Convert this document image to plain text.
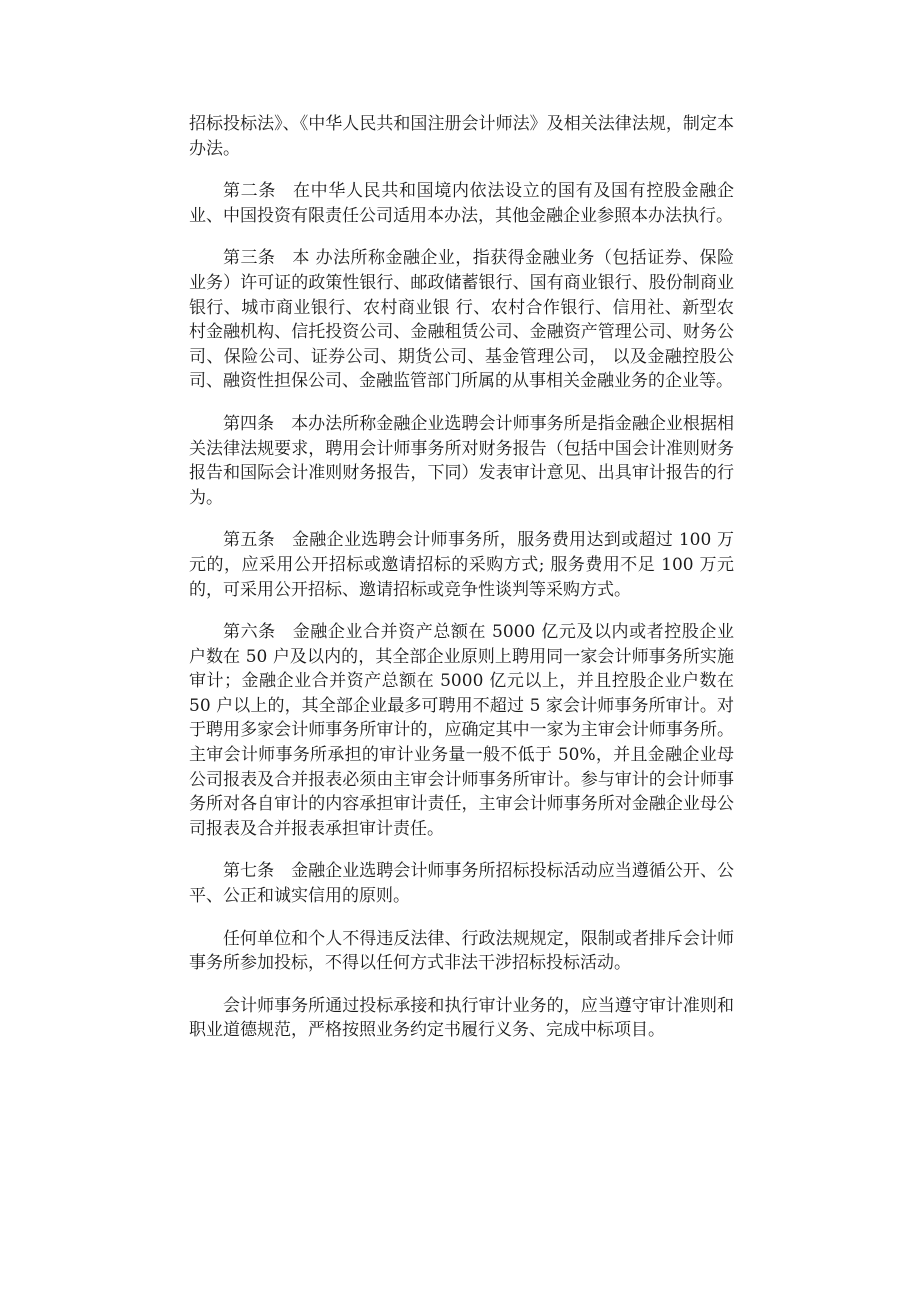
招标投标法》、《中华人民共和国注册会计师法》及相关法律法规，制定本办法。

第二条 在中华人民共和国境内依法设立的国有及国有控股金融企业、中国投资有限责任公司适用本办法，其他金融企业参照本办法执行。

第三条 本 办法所称金融企业，指获得金融业务（包括证券、保险业务）许可证的政策性银行、邮政储蓄银行、国有商业银行、股份制商业银行、城市商业银行、农村商业银 行、农村合作银行、信用社、新型农村金融机构、信托投资公司、金融租赁公司、金融资产管理公司、财务公司、保险公司、证券公司、期货公司、基金管理公司， 以及金融控股公司、融资性担保公司、金融监管部门所属的从事相关金融业务的企业等。

第四条 本办法所称金融企业选聘会计师事务所是指金融企业根据相关法律法规要求，聘用会计师事务所对财务报告（包括中国会计准则财务报告和国际会计准则财务报告，下同）发表审计意见、出具审计报告的行为。

第五条 金融企业选聘会计师事务所，服务费用达到或超过 100 万元的，应采用公开招标或邀请招标的采购方式; 服务费用不足 100 万元的，可采用公开招标、邀请招标或竞争性谈判等采购方式。

第六条 金融企业合并资产总额在 5000 亿元及以内或者控股企业户数在 50 户及以内的，其全部企业原则上聘用同一家会计师事务所实施审计；金融企业合并资产总额在 5000 亿元以上，并且控股企业户数在 50 户以上的，其全部企业最多可聘用不超过 5 家会计师事务所审计。对于聘用多家会计师事务所审计的，应确定其中一家为主审会计师事务所。主审会计师事务所承担的审计业务量一般不低于 50%，并且金融企业母公司报表及合并报表必须由主审会计师事务所审计。参与审计的会计师事务所对各自审计的内容承担审计责任，主审会计师事务所对金融企业母公司报表及合并报表承担审计责任。

第七条 金融企业选聘会计师事务所招标投标活动应当遵循公开、公平、公正和诚实信用的原则。

任何单位和个人不得违反法律、行政法规规定，限制或者排斥会计师事务所参加投标，不得以任何方式非法干涉招标投标活动。

会计师事务所通过投标承接和执行审计业务的，应当遵守审计准则和职业道德规范，严格按照业务约定书履行义务、完成中标项目。
